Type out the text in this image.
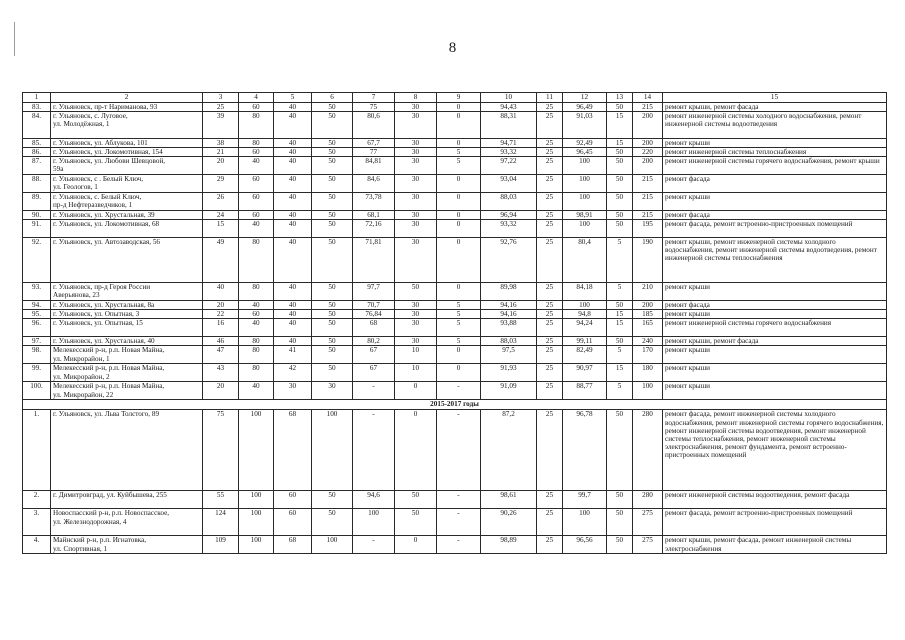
8
1	2	3	4	5	6	7	8	9	10	11	12	13	14	15
83.	г. Ульяновск, пр-т Нариманова, 93	25	60	40	50	75	30	0	94,43	25	96,49	50	215	ремонт крыши, ремонт фасада
84.	г. Ульяновск, с. Луговое,
ул. Молодёжная, 1	39	80	40	50	80,6	30	0	88,31	25	91,03	15	200	ремонт инженерной системы холодного водоснабжения, ремонт инженерной системы водоотведения
85.	г. Ульяновск, ул. Аблукова, 101	38	80	40	50	67,7	30	0	94,71	25	92,49	15	200	ремонт крыши
86.	г. Ульяновск, ул. Локомотивная, 154	21	60	40	50	77	30	5	93,32	25	96,45	50	220	ремонт инженерной системы теплоснабжения
87.	г. Ульяновск, ул. Любови Шевцовой,
59а	20	40	40	50	84,81	30	5	97,22	25	100	50	200	ремонт инженерной системы горячего водоснабжения, ремонт крыши
88.	г. Ульяновск, с . Белый Ключ,
ул. Геологов, 1	29	60	40	50	84,6	30	0	93,04	25	100	50	215	ремонт фасада
89.	г. Ульяновск, с. Белый Ключ,
пр-д Нефтеразведчиков, 1	26	60	40	50	73,78	30	0	88,03	25	100	50	215	ремонт крыши
90.	г. Ульяновск, ул. Хрустальная, 39	24	60	40	50	68,1	30	0	96,94	25	98,91	50	215	ремонт фасада
91.	г. Ульяновск, ул. Локомотивная, 68	15	40	40	50	72,16	30	0	93,32	25	100	50	195	ремонт фасада, ремонт встроенно-пристроенных помещений
92.	г. Ульяновск, ул. Автозаводская, 56	49	80	40	50	71,81	30	0	92,76	25	80,4	5	190	ремонт крыши, ремонт инженерной системы холодного водоснабжения, ремонт инженерной системы водоотведения, ремонт инженерной системы теплоснабжения
93.	г. Ульяновск, пр-д Героя России
Аверьянова, 23	40	80	40	50	97,7	50	0	89,98	25	84,18	5	210	ремонт крыши
94.	г. Ульяновск, ул. Хрустальная, 8а	20	40	40	50	70,7	30	5	94,16	25	100	50	200	ремонт фасада
95.	г. Ульяновск, ул. Опытная, 3	22	60	40	50	76,84	30	5	94,16	25	94,8	15	185	ремонт крыши
96.	г. Ульяновск, ул. Опытная, 15	16	40	40	50	68	30	5	93,88	25	94,24	15	165	ремонт инженерной системы горячего водоснабжения
97.	г. Ульяновск, ул. Хрустальная, 40	46	80	40	50	80,2	30	5	88,03	25	99,11	50	240	ремонт крыши, ремонт фасада
98.	Мелекесский р-н, р.п. Новая Майна,
ул. Микрорайон, 1	47	80	41	50	67	10	0	97,5	25	82,49	5	170	ремонт крыши
99.	Мелекесский р-н, р.п. Новая Майна,
ул. Микрорайон, 2	43	80	42	50	67	10	0	91,93	25	90,97	15	180	ремонт крыши
100.	Мелекесский р-н, р.п. Новая Майна,
ул. Микрорайон, 22	20	40	30	30	-	0	-	91,09	25	88,77	5	100	ремонт крыши
2015-2017 годы														
1.	г. Ульяновск, ул. Льва Толстого, 89	75	100	68	100	-	0	-	87,2	25	96,78	50	280	ремонт фасада, ремонт инженерной системы холодного водоснабжения, ремонт инженерной системы горячего водоснабжения, ремонт инженерной системы водоотведения, ремонт инженерной системы теплоснабжения, ремонт инженерной системы электроснабжения, ремонт фундамента, ремонт встроенно-пристроенных помещений
2.	г. Димитровград, ул. Куйбышева, 255	55	100	60	50	94,6	50	-	98,61	25	99,7	50	280	ремонт инженерной системы водоотведения, ремонт фасада
3.	Новоспасский р-н, р.п. Новоспасское,
ул. Железнодорожная, 4	124	100	60	50	100	50	-	90,26	25	100	50	275	ремонт фасада, ремонт встроенно-пристроенных помещений
4.	Майнский р-н, р.п. Игнатовка,
ул. Спортивная, 1	109	100	68	100	-	0	-	98,89	25	96,56	50	275	ремонт крыши, ремонт фасада, ремонт инженерной системы электроснабжения
